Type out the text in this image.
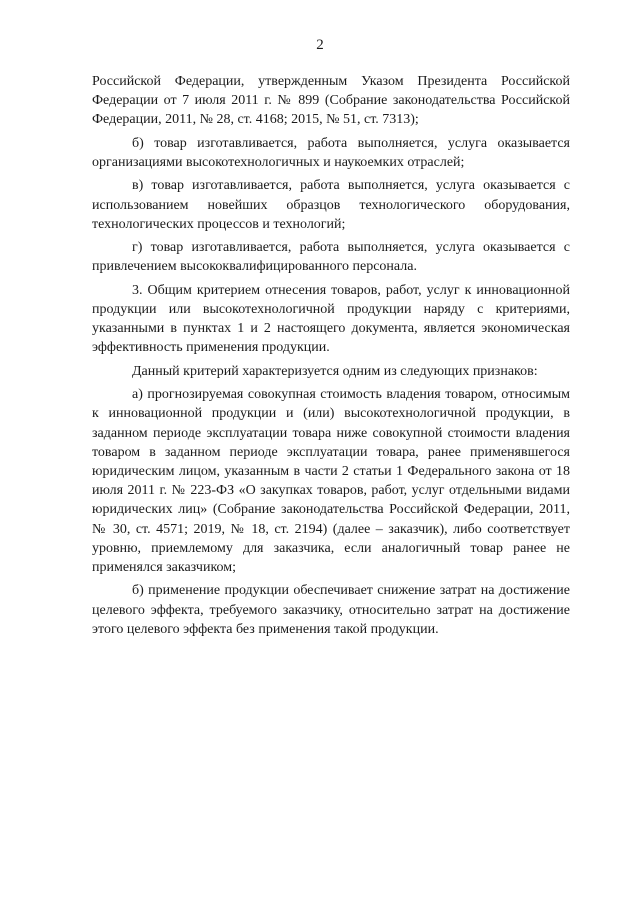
2

Российской Федерации, утвержденным Указом Президента Российской Федерации от 7 июля 2011 г. № 899 (Собрание законодательства Российской Федерации, 2011, № 28, ст. 4168; 2015, № 51, ст. 7313);

б) товар изготавливается, работа выполняется, услуга оказывается организациями высокотехнологичных и наукоемких отраслей;

в) товар изготавливается, работа выполняется, услуга оказывается с использованием новейших образцов технологического оборудования, технологических процессов и технологий;

г) товар изготавливается, работа выполняется, услуга оказывается с привлечением высококвалифицированного персонала.

3. Общим критерием отнесения товаров, работ, услуг к инновационной продукции или высокотехнологичной продукции наряду с критериями, указанными в пунктах 1 и 2 настоящего документа, является экономическая эффективность применения продукции.

Данный критерий характеризуется одним из следующих признаков:

а) прогнозируемая совокупная стоимость владения товаром, относимым к инновационной продукции и (или) высокотехнологичной продукции, в заданном периоде эксплуатации товара ниже совокупной стоимости владения товаром в заданном периоде эксплуатации товара, ранее применявшегося юридическим лицом, указанным в части 2 статьи 1 Федерального закона от 18 июля 2011 г. № 223-ФЗ «О закупках товаров, работ, услуг отдельными видами юридических лиц» (Собрание законодательства Российской Федерации, 2011, № 30, ст. 4571; 2019, № 18, ст. 2194) (далее – заказчик), либо соответствует уровню, приемлемому для заказчика, если аналогичный товар ранее не применялся заказчиком;

б) применение продукции обеспечивает снижение затрат на достижение целевого эффекта, требуемого заказчику, относительно затрат на достижение этого целевого эффекта без применения такой продукции.
